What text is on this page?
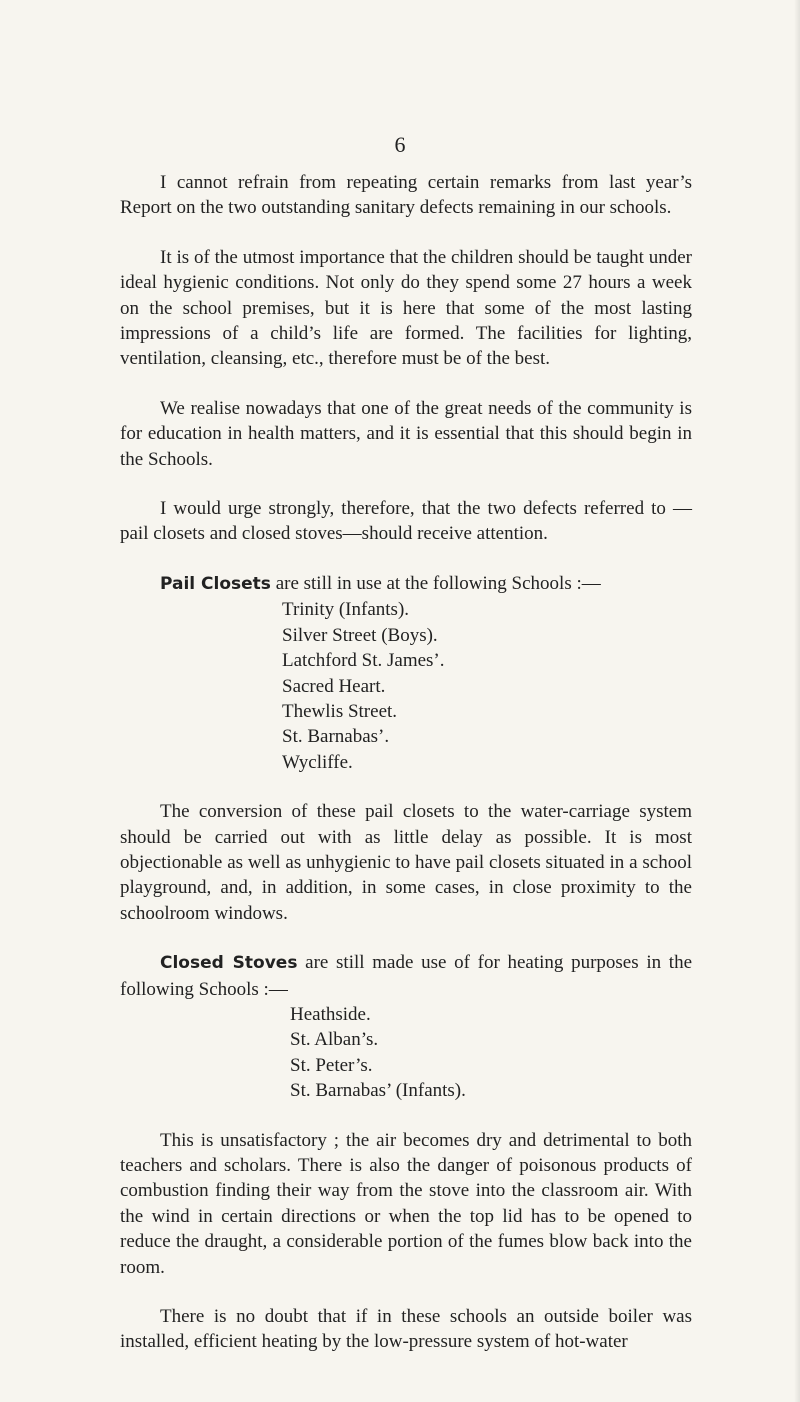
6

I cannot refrain from repeating certain remarks from last year’s Report on the two outstanding sanitary defects remaining in our schools.

It is of the utmost importance that the children should be taught under ideal hygienic conditions. Not only do they spend some 27 hours a week on the school premises, but it is here that some of the most lasting impressions of a child’s life are formed. The facilities for lighting, ventilation, cleansing, etc., therefore must be of the best.

We realise nowadays that one of the great needs of the community is for education in health matters, and it is essential that this should begin in the Schools.

I would urge strongly, therefore, that the two defects referred to —pail closets and closed stoves—should receive attention.

Pail Closets are still in use at the following Schools :—

Trinity (Infants).
Silver Street (Boys).
Latchford St. James’.
Sacred Heart.
Thewlis Street.
St. Barnabas’.
Wycliffe.

The conversion of these pail closets to the water-carriage system should be carried out with as little delay as possible. It is most objectionable as well as unhygienic to have pail closets situated in a school playground, and, in addition, in some cases, in close proximity to the schoolroom windows.

Closed Stoves are still made use of for heating purposes in the following Schools :—

Heathside.
St. Alban’s.
St. Peter’s.
St. Barnabas’ (Infants).

This is unsatisfactory ; the air becomes dry and detrimental to both teachers and scholars. There is also the danger of poisonous products of combustion finding their way from the stove into the classroom air. With the wind in certain directions or when the top lid has to be opened to reduce the draught, a considerable portion of the fumes blow back into the room.

There is no doubt that if in these schools an outside boiler was installed, efficient heating by the low-pressure system of hot-water
